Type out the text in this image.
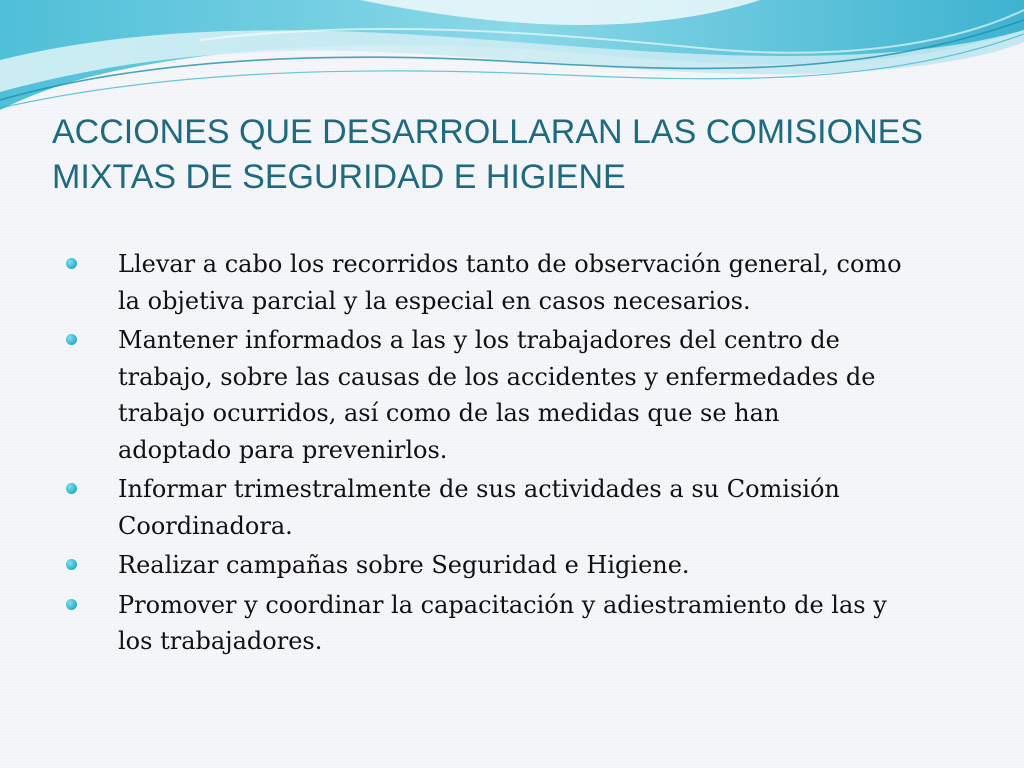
ACCIONES QUE DESARROLLARAN LAS COMISIONES
MIXTAS DE SEGURIDAD E HIGIENE
Llevar a cabo los recorridos tanto de observación general, como
la objetiva parcial y la especial en casos necesarios.
Mantener informados a las y los trabajadores del centro de
trabajo, sobre las causas de los accidentes y enfermedades de
trabajo ocurridos, así como de las medidas que se han
adoptado para prevenirlos.
Informar trimestralmente de sus actividades a su Comisión
Coordinadora.
Realizar campañas sobre Seguridad e Higiene.
Promover y coordinar la capacitación y adiestramiento de las y
los trabajadores.
